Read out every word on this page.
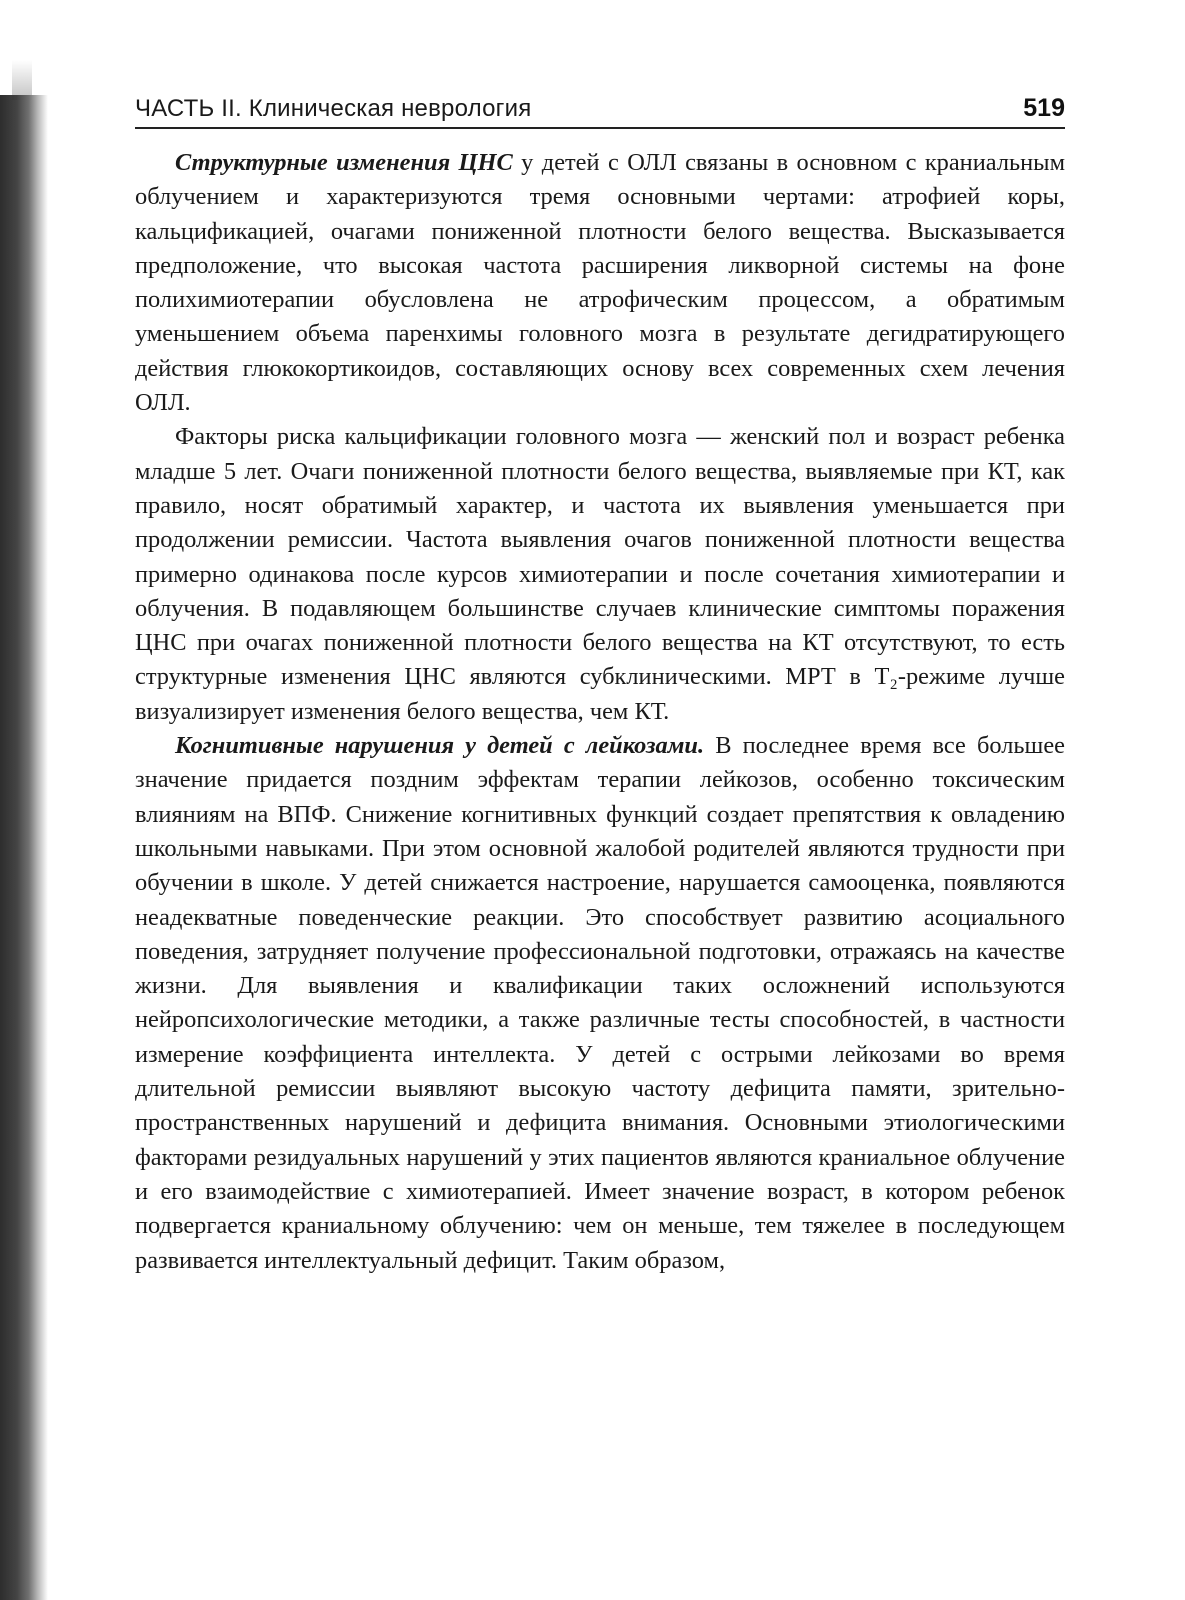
ЧАСТЬ II. Клиническая неврология	519

Структурные изменения ЦНС у детей с ОЛЛ связаны в основном с краниальным облучением и характеризуются тремя основными чертами: атрофией коры, кальцификацией, очагами пониженной плотности белого вещества. Высказывается предположение, что высокая частота расширения ликворной системы на фоне полихимиотерапии обусловлена не атрофическим процессом, а обратимым уменьшением объема паренхимы головного мозга в результате дегидратирующего действия глюкокортикоидов, составляющих основу всех современных схем лечения ОЛЛ.

Факторы риска кальцификации головного мозга — женский пол и возраст ребенка младше 5 лет. Очаги пониженной плотности белого вещества, выявляемые при КТ, как правило, носят обратимый характер, и частота их выявления уменьшается при продолжении ремиссии. Частота выявления очагов пониженной плотности вещества примерно одинакова после курсов химиотерапии и после сочетания химиотерапии и облучения. В подавляющем большинстве случаев клинические симптомы поражения ЦНС при очагах пониженной плотности белого вещества на КТ отсутствуют, то есть структурные изменения ЦНС являются субклиническими. МРТ в T₂-режиме лучше визуализирует изменения белого вещества, чем КТ.

Когнитивные нарушения у детей с лейкозами. В последнее время все большее значение придается поздним эффектам терапии лейкозов, особенно токсическим влияниям на ВПФ. Снижение когнитивных функций создает препятствия к овладению школьными навыками. При этом основной жалобой родителей являются трудности при обучении в школе. У детей снижается настроение, нарушается самооценка, появляются неадекватные поведенческие реакции. Это способствует развитию асоциального поведения, затрудняет получение профессиональной подготовки, отражаясь на качестве жизни. Для выявления и квалификации таких осложнений используются нейропсихологические методики, а также различные тесты способностей, в частности измерение коэффициента интеллекта. У детей с острыми лейкозами во время длительной ремиссии выявляют высокую частоту дефицита памяти, зрительно-пространственных нарушений и дефицита внимания. Основными этиологическими факторами резидуальных нарушений у этих пациентов являются краниальное облучение и его взаимодействие с химиотерапией. Имеет значение возраст, в котором ребенок подвергается краниальному облучению: чем он меньше, тем тяжелее в последующем развивается интеллектуальный дефицит. Таким образом,
